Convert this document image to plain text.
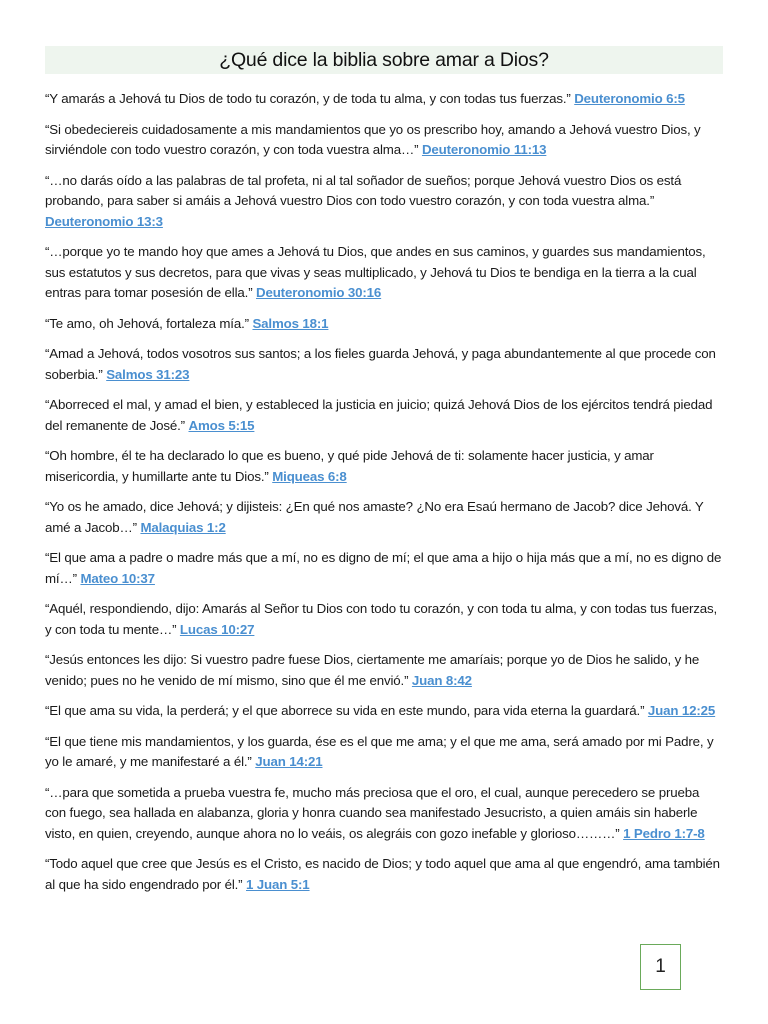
¿Qué dice la biblia sobre amar a Dios?

“Y amarás a Jehová tu Dios de todo tu corazón, y de toda tu alma, y con todas tus fuerzas.” Deuteronomio 6:5

“Si obedeciereis cuidadosamente a mis mandamientos que yo os prescribo hoy, amando a Jehová vuestro Dios, y sirviéndole con todo vuestro corazón, y con toda vuestra alma…” Deuteronomio 11:13

“…no darás oído a las palabras de tal profeta, ni al tal soñador de sueños; porque Jehová vuestro Dios os está probando, para saber si amáis a Jehová vuestro Dios con todo vuestro corazón, y con toda vuestra alma.” Deuteronomio 13:3

“…porque yo te mando hoy que ames a Jehová tu Dios, que andes en sus caminos, y guardes sus mandamientos, sus estatutos y sus decretos, para que vivas y seas multiplicado, y Jehová tu Dios te bendiga en la tierra a la cual entras para tomar posesión de ella.” Deuteronomio 30:16

“Te amo, oh Jehová, fortaleza mía.” Salmos 18:1

“Amad a Jehová, todos vosotros sus santos; a los fieles guarda Jehová, y paga abundantemente al que procede con soberbia.” Salmos 31:23

“Aborreced el mal, y amad el bien, y estableced la justicia en juicio; quizá Jehová Dios de los ejércitos tendrá piedad del remanente de José.” Amos 5:15

“Oh hombre, él te ha declarado lo que es bueno, y qué pide Jehová de ti: solamente hacer justicia, y amar misericordia, y humillarte ante tu Dios.” Miqueas 6:8

“Yo os he amado, dice Jehová; y dijisteis: ¿En qué nos amaste? ¿No era Esaú hermano de Jacob? dice Jehová. Y amé a Jacob…” Malaquias 1:2

“El que ama a padre o madre más que a mí, no es digno de mí; el que ama a hijo o hija más que a mí, no es digno de mí…” Mateo 10:37

“Aquél, respondiendo, dijo: Amarás al Señor tu Dios con todo tu corazón, y con toda tu alma, y con todas tus fuerzas, y con toda tu mente…” Lucas 10:27

“Jesús entonces les dijo: Si vuestro padre fuese Dios, ciertamente me amaríais; porque yo de Dios he salido, y he venido; pues no he venido de mí mismo, sino que él me envió.” Juan 8:42

“El que ama su vida, la perderá; y el que aborrece su vida en este mundo, para vida eterna la guardará.” Juan 12:25

“El que tiene mis mandamientos, y los guarda, ése es el que me ama; y el que me ama, será amado por mi Padre, y yo le amaré, y me manifestaré a él.” Juan 14:21

“…para que sometida a prueba vuestra fe, mucho más preciosa que el oro, el cual, aunque perecedero se prueba con fuego, sea hallada en alabanza, gloria y honra cuando sea manifestado Jesucristo, a quien amáis sin haberle visto, en quien, creyendo, aunque ahora no lo veáis, os alegráis con gozo inefable y glorioso………” 1 Pedro 1:7-8

“Todo aquel que cree que Jesús es el Cristo, es nacido de Dios; y todo aquel que ama al que engendró, ama también al que ha sido engendrado por él.” 1 Juan 5:1

1
